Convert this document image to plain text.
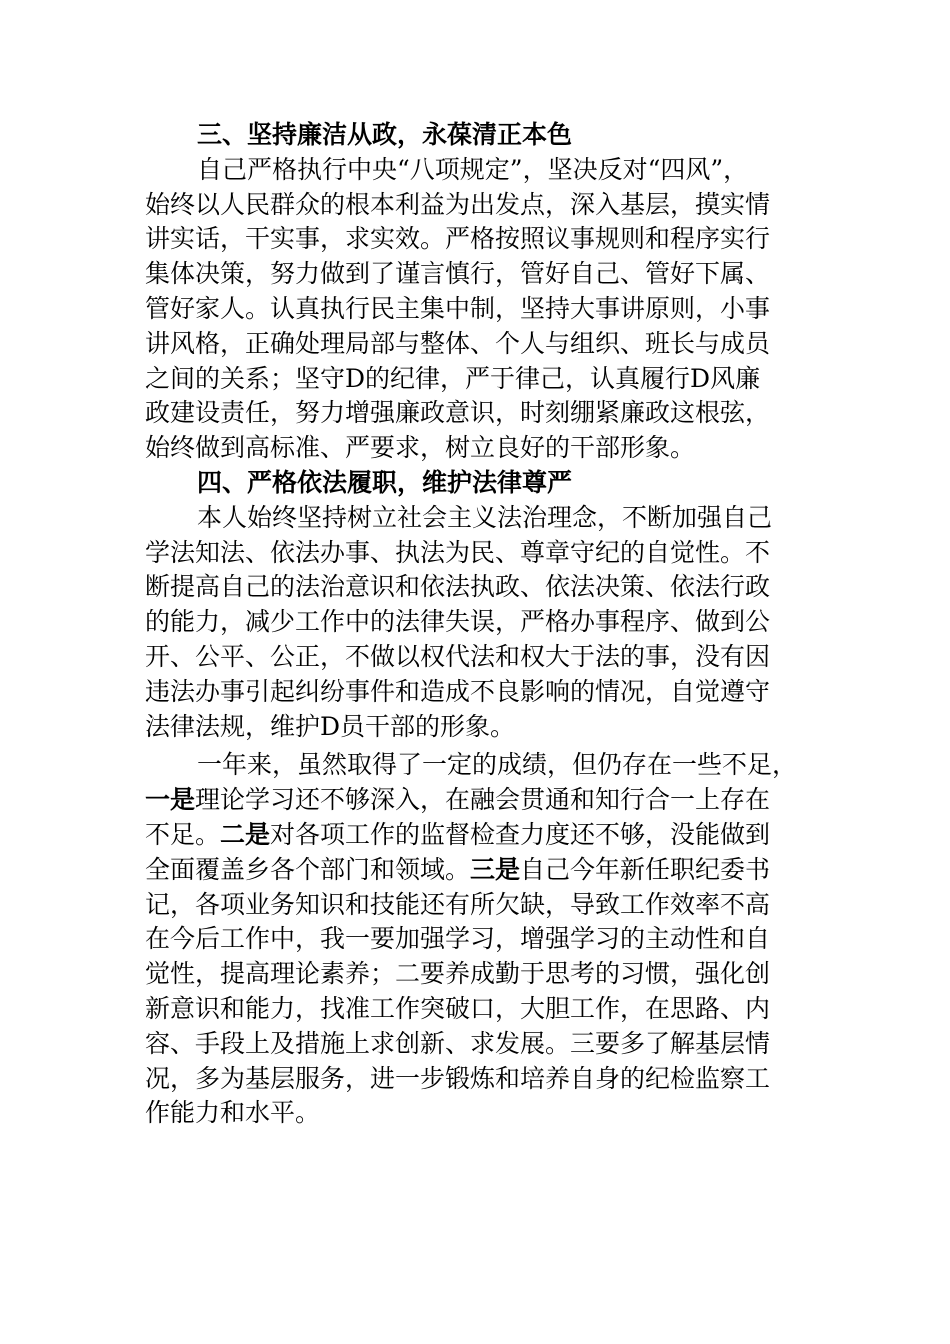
三、坚持廉洁从政，永葆清正本色
自己严格执行中央“八项规定”，坚决反对“四风”，
始终以人民群众的根本利益为出发点，深入基层，摸实情
讲实话，干实事，求实效。严格按照议事规则和程序实行
集体决策，努力做到了谨言慎行，管好自己、管好下属、
管好家人。认真执行民主集中制，坚持大事讲原则，小事
讲风格，正确处理局部与整体、个人与组织、班长与成员
之间的关系；坚守D的纪律，严于律己，认真履行D风廉
政建设责任，努力增强廉政意识，时刻绷紧廉政这根弦，
始终做到高标准、严要求，树立良好的干部形象。
四、严格依法履职，维护法律尊严
本人始终坚持树立社会主义法治理念，不断加强自己
学法知法、依法办事、执法为民、尊章守纪的自觉性。不
断提高自己的法治意识和依法执政、依法决策、依法行政
的能力，减少工作中的法律失误，严格办事程序、做到公
开、公平、公正，不做以权代法和权大于法的事，没有因
违法办事引起纠纷事件和造成不良影响的情况，自觉遵守
法律法规，维护D员干部的形象。
一年来，虽然取得了一定的成绩，但仍存在一些不足，
一是理论学习还不够深入，在融会贯通和知行合一上存在
不足。二是对各项工作的监督检查力度还不够，没能做到
全面覆盖乡各个部门和领域。三是自己今年新任职纪委书
记，各项业务知识和技能还有所欠缺，导致工作效率不高
在今后工作中，我一要加强学习，增强学习的主动性和自
觉性，提高理论素养；二要养成勤于思考的习惯，强化创
新意识和能力，找准工作突破口，大胆工作，在思路、内
容、手段上及措施上求创新、求发展。三要多了解基层情
况，多为基层服务，进一步锻炼和培养自身的纪检监察工
作能力和水平。
